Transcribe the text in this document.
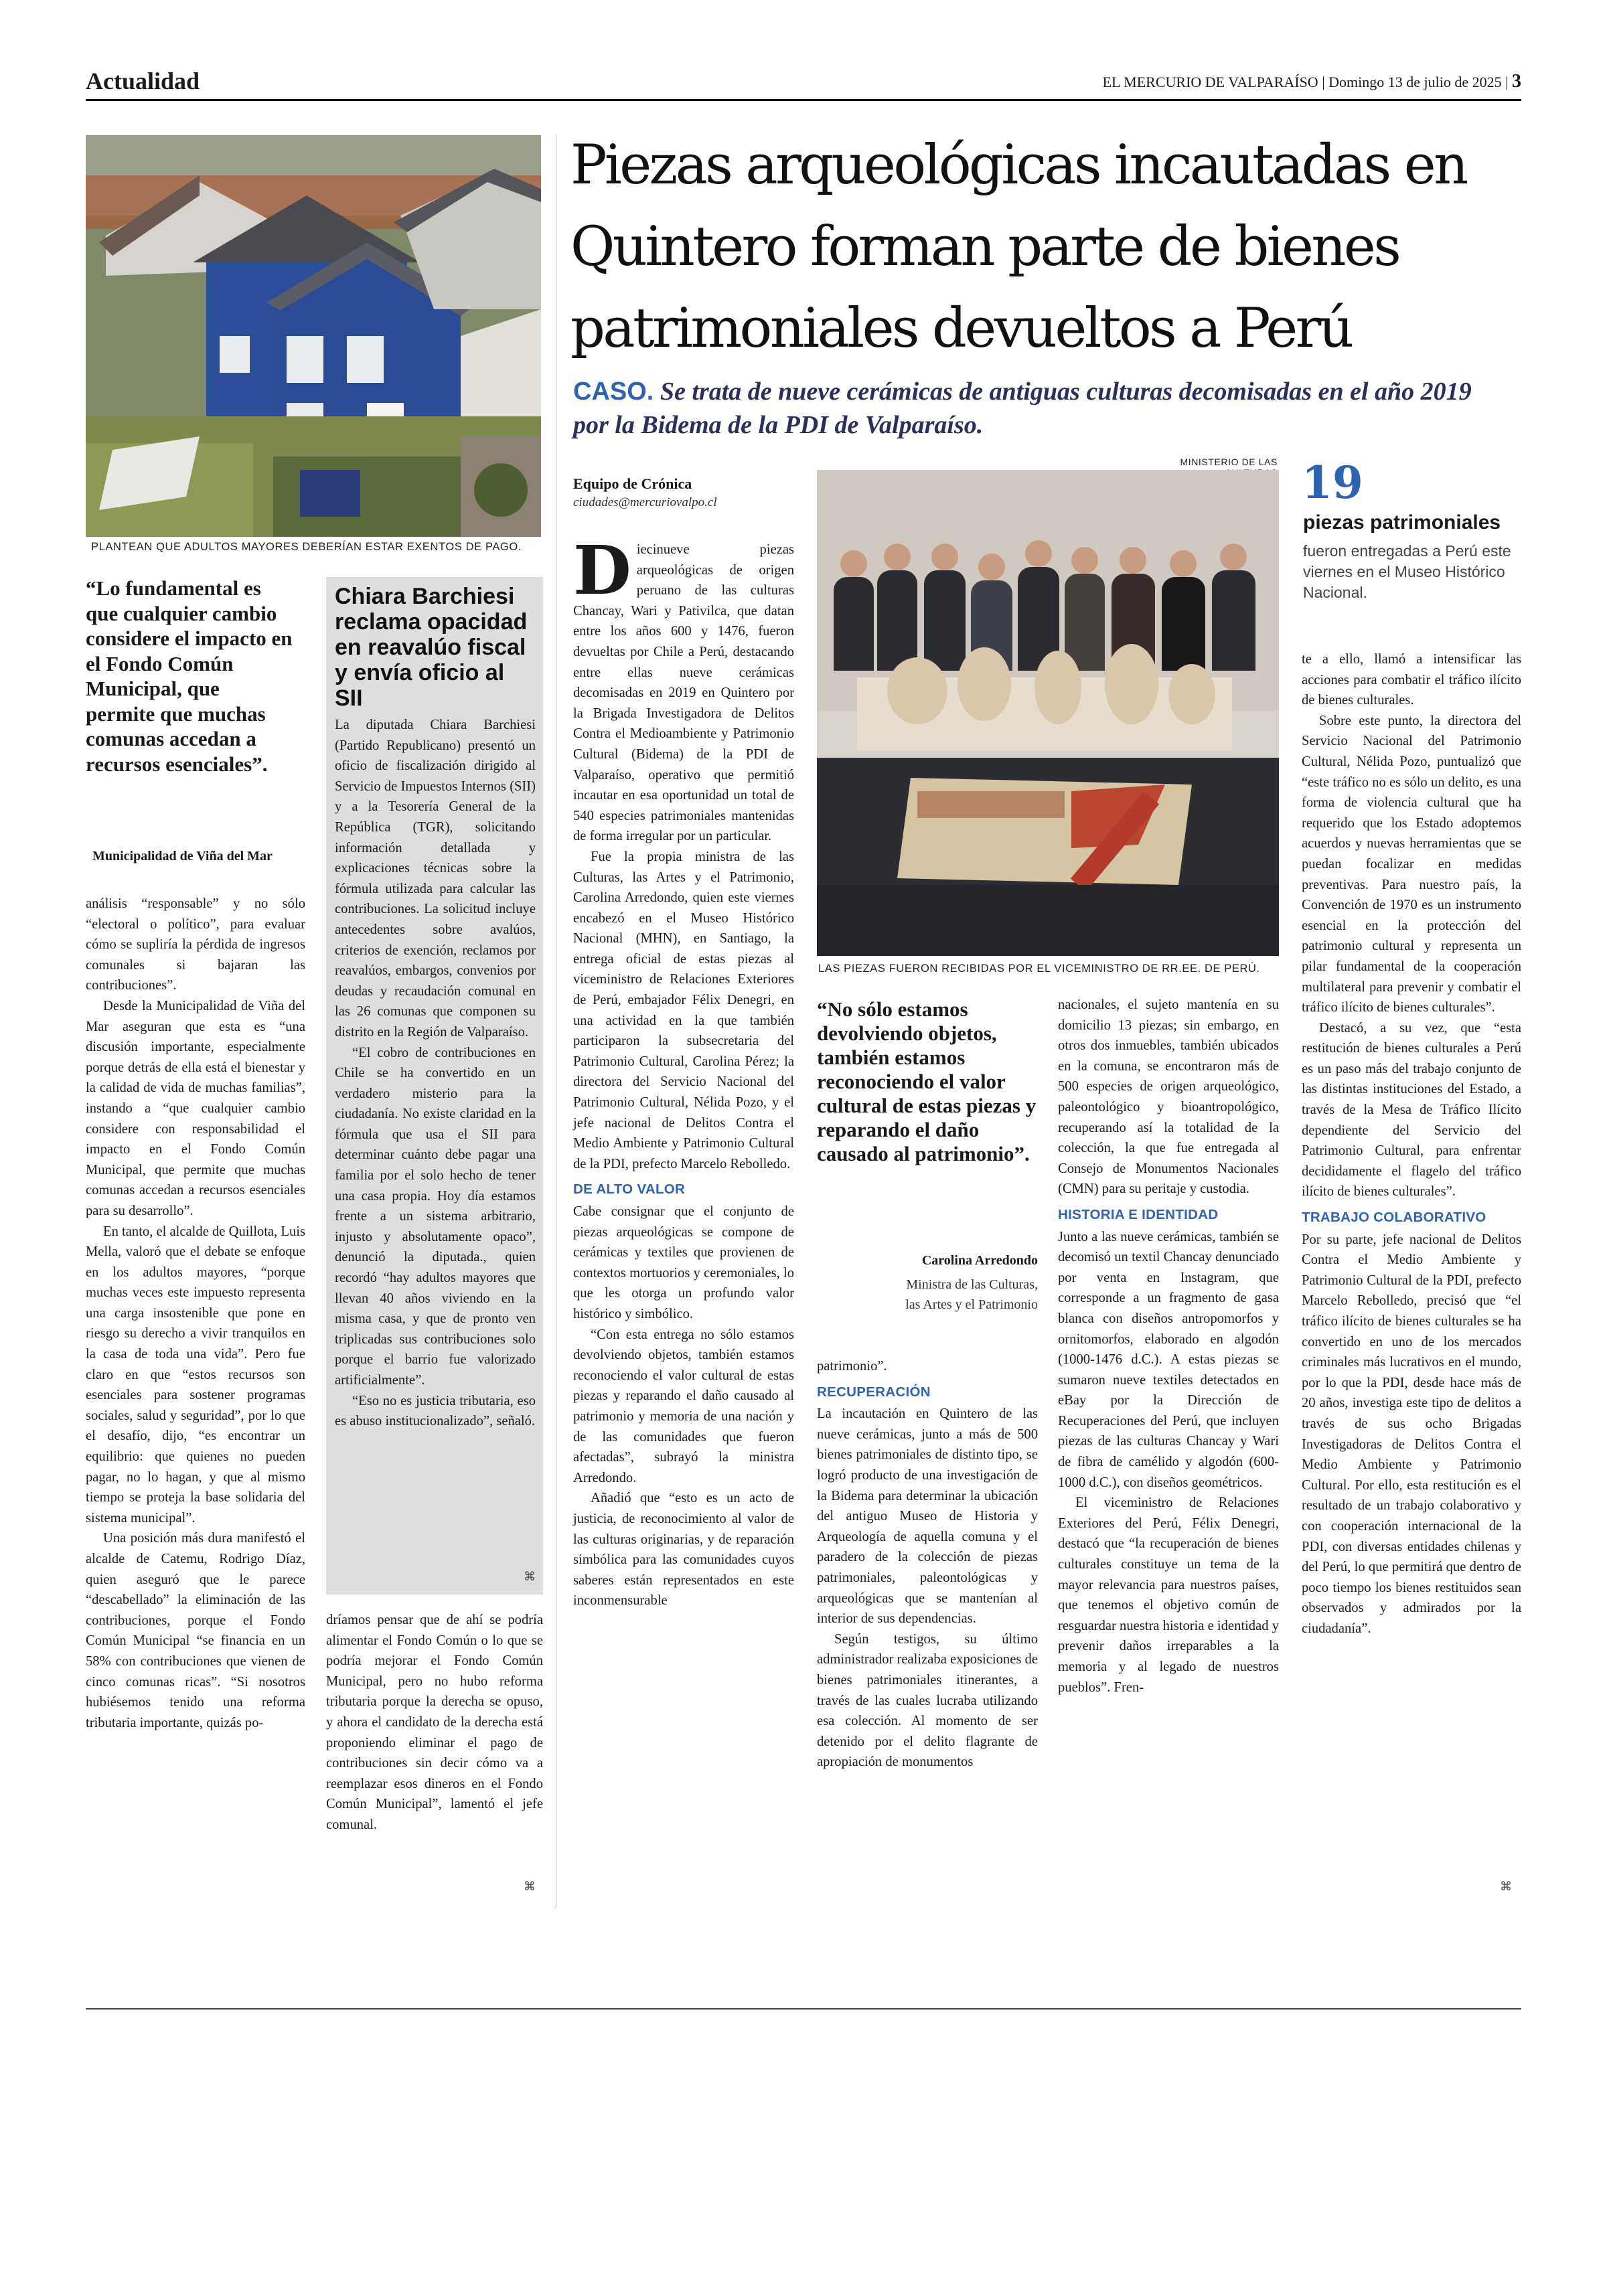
Actualidad	EL MERCURIO DE VALPARAÍSO | Domingo 13 de julio de 2025 | 3
PLANTEAN QUE ADULTOS MAYORES DEBERÍAN ESTAR EXENTOS DE PAGO.
“Lo fundamental es que cualquier cambio considere el impacto en el Fondo Común Municipal, que permite que muchas comunas accedan a recursos esenciales”.
Municipalidad de Viña del Mar

análisis “responsable” y no sólo “electoral o político”, para evaluar cómo se supliría la pérdida de ingresos comunales si bajaran las contribuciones”.

Desde la Municipalidad de Viña del Mar aseguran que esta es “una discusión importante, especialmente porque detrás de ella está el bienestar y la calidad de vida de muchas familias”, instando a “que cualquier cambio considere con responsabilidad el impacto en el Fondo Común Municipal, que permite que muchas comunas accedan a recursos esenciales para su desarrollo”.

En tanto, el alcalde de Quillota, Luis Mella, valoró que el debate se enfoque en los adultos mayores, “porque muchas veces este impuesto representa una carga insostenible que pone en riesgo su derecho a vivir tranquilos en la casa de toda una vida”. Pero fue claro en que “estos recursos son esenciales para sostener programas sociales, salud y seguridad”, por lo que el desafío, dijo, “es encontrar un equilibrio: que quienes no pueden pagar, no lo hagan, y que al mismo tiempo se proteja la base solidaria del sistema municipal”.

Una posición más dura manifestó el alcalde de Catemu, Rodrigo Díaz, quien aseguró que le parece “descabellado” la eliminación de las contribuciones, porque el Fondo Común Municipal “se financia en un 58% con contribuciones que vienen de cinco comunas ricas”. “Si nosotros hubiésemos tenido una reforma tributaria importante, quizás po-

Chiara Barchiesi reclama opacidad en reavalúo fiscal y envía oficio al SII

La diputada Chiara Barchiesi (Partido Republicano) presentó un oficio de fiscalización dirigido al Servicio de Impuestos Internos (SII) y a la Tesorería General de la República (TGR), solicitando información detallada y explicaciones técnicas sobre la fórmula utilizada para calcular las contribuciones. La solicitud incluye antecedentes sobre avalúos, criterios de exención, reclamos por reavalúos, embargos, convenios por deudas y recaudación comunal en las 26 comunas que componen su distrito en la Región de Valparaíso.

“El cobro de contribuciones en Chile se ha convertido en un verdadero misterio para la ciudadanía. No existe claridad en la fórmula que usa el SII para determinar cuánto debe pagar una familia por el solo hecho de tener una casa propia. Hoy día estamos frente a un sistema arbitrario, injusto y absolutamente opaco”, denunció la diputada., quien recordó “hay adultos mayores que llevan 40 años viviendo en la misma casa, y que de pronto ven triplicadas sus contribuciones solo porque el barrio fue valorizado artificialmente”.

“Eso no es justicia tributaria, eso es abuso institucionalizado”, señaló.

⌘

dríamos pensar que de ahí se podría alimentar el Fondo Común o lo que se podría mejorar el Fondo Común Municipal, pero no hubo reforma tributaria porque la derecha se opuso, y ahora el candidato de la derecha está proponiendo eliminar el pago de contribuciones sin decir cómo va a reemplazar esos dineros en el Fondo Común Municipal”, lamentó el jefe comunal.

⌘
Piezas arqueológicas incautadas en Quintero forman parte de bienes patrimoniales devueltos a Perú
CASO. Se trata de nueve cerámicas de antiguas culturas decomisadas en el año 2019 por la Bidema de la PDI de Valparaíso.
Equipo de Crónica
ciudades@mercuriovalpo.cl
MINISTERIO DE LAS
LAS PIEZAS FUERON RECIBIDAS POR EL VICEMINISTRO DE RR.EE. DE PERÚ.

Diecinueve piezas arqueológicas de origen peruano de las culturas Chancay, Wari y Pativilca, que datan entre los años 600 y 1476, fueron devueltas por Chile a Perú, destacando entre ellas nueve cerámicas decomisadas en 2019 en Quintero por la Brigada Investigadora de Delitos Contra el Medioambiente y Patrimonio Cultural (Bidema) de la PDI de Valparaíso, operativo que permitió incautar en esa oportunidad un total de 540 especies patrimoniales mantenidas de forma irregular por un particular.

Fue la propia ministra de las Culturas, las Artes y el Patrimonio, Carolina Arredondo, quien este viernes encabezó en el Museo Histórico Nacional (MHN), en Santiago, la entrega oficial de estas piezas al viceministro de Relaciones Exteriores de Perú, embajador Félix Denegri, en una actividad en la que también participaron la subsecretaria del Patrimonio Cultural, Carolina Pérez; la directora del Servicio Nacional del Patrimonio Cultural, Nélida Pozo, y el jefe nacional de Delitos Contra el Medio Ambiente y Patrimonio Cultural de la PDI, prefecto Marcelo Rebolledo.

DE ALTO VALOR

Cabe consignar que el conjunto de piezas arqueológicas se compone de cerámicas y textiles que provienen de contextos mortuorios y ceremoniales, lo que les otorga un profundo valor histórico y simbólico.

“Con esta entrega no sólo estamos devolviendo objetos, también estamos reconociendo el valor cultural de estas piezas y reparando el daño causado al patrimonio y memoria de una nación y de las comunidades que fueron afectadas”, subrayó la ministra Arredondo.

Añadió que “esto es un acto de justicia, de reconocimiento al valor de las culturas originarias, y de reparación simbólica para las comunidades cuyos saberes están representados en este inconmensurable

“No sólo estamos devolviendo objetos, también estamos reconociendo el valor cultural de estas piezas y reparando el daño causado al patrimonio”.
Carolina Arredondo
Ministra de las Culturas,
las Artes y el Patrimonio

patrimonio”.

RECUPERACIÓN

La incautación en Quintero de las nueve cerámicas, junto a más de 500 bienes patrimoniales de distinto tipo, se logró producto de una investigación de la Bidema para determinar la ubicación del antiguo Museo de Historia y Arqueología de aquella comuna y el paradero de la colección de piezas patrimoniales, paleontológicas y arqueológicas que se mantenían al interior de sus dependencias.

Según testigos, su último administrador realizaba exposiciones de bienes patrimoniales itinerantes, a través de las cuales lucraba utilizando esa colección. Al momento de ser detenido por el delito flagrante de apropiación de monumentos

nacionales, el sujeto mantenía en su domicilio 13 piezas; sin embargo, en otros dos inmuebles, también ubicados en la comuna, se encontraron más de 500 especies de origen arqueológico, paleontológico y bioantropológico, recuperando así la totalidad de la colección, la que fue entregada al Consejo de Monumentos Nacionales (CMN) para su peritaje y custodia.

HISTORIA E IDENTIDAD

Junto a las nueve cerámicas, también se decomisó un textil Chancay denunciado por venta en Instagram, que corresponde a un fragmento de gasa blanca con diseños antropomorfos y ornitomorfos, elaborado en algodón (1000-1476 d.C.). A estas piezas se sumaron nueve textiles detectados en eBay por la Dirección de Recuperaciones del Perú, que incluyen piezas de las culturas Chancay y Wari de fibra de camélido y algodón (600-1000 d.C.), con diseños geométricos.

El viceministro de Relaciones Exteriores del Perú, Félix Denegri, destacó que “la recuperación de bienes culturales constituye un tema de la mayor relevancia para nuestros países, que tenemos el objetivo común de resguardar nuestra historia e identidad y prevenir daños irreparables a la memoria y al legado de nuestros pueblos”. Fren-

19
piezas patrimoniales
fueron entregadas a Perú este viernes en el Museo Histórico Nacional.

te a ello, llamó a intensificar las acciones para combatir el tráfico ilícito de bienes culturales.

Sobre este punto, la directora del Servicio Nacional del Patrimonio Cultural, Nélida Pozo, puntualizó que “este tráfico no es sólo un delito, es una forma de violencia cultural que ha requerido que los Estado adoptemos acuerdos y nuevas herramientas que se puedan focalizar en medidas preventivas. Para nuestro país, la Convención de 1970 es un instrumento esencial en la protección del patrimonio cultural y representa un pilar fundamental de la cooperación multilateral para prevenir y combatir el tráfico ilícito de bienes culturales”.

Destacó, a su vez, que “esta restitución de bienes culturales a Perú es un paso más del trabajo conjunto de las distintas instituciones del Estado, a través de la Mesa de Tráfico Ilícito dependiente del Servicio del Patrimonio Cultural, para enfrentar decididamente el flagelo del tráfico ilícito de bienes culturales”.

TRABAJO COLABORATIVO

Por su parte, jefe nacional de Delitos Contra el Medio Ambiente y Patrimonio Cultural de la PDI, prefecto Marcelo Rebolledo, precisó que “el tráfico ilícito de bienes culturales se ha convertido en uno de los mercados criminales más lucrativos en el mundo, por lo que la PDI, desde hace más de 20 años, investiga este tipo de delitos a través de sus ocho Brigadas Investigadoras de Delitos Contra el Medio Ambiente y Patrimonio Cultural. Por ello, esta restitución es el resultado de un trabajo colaborativo y con cooperación internacional de la PDI, con diversas entidades chilenas y del Perú, lo que permitirá que dentro de poco tiempo los bienes restituidos sean observados y admirados por la ciudadanía”.

⌘
